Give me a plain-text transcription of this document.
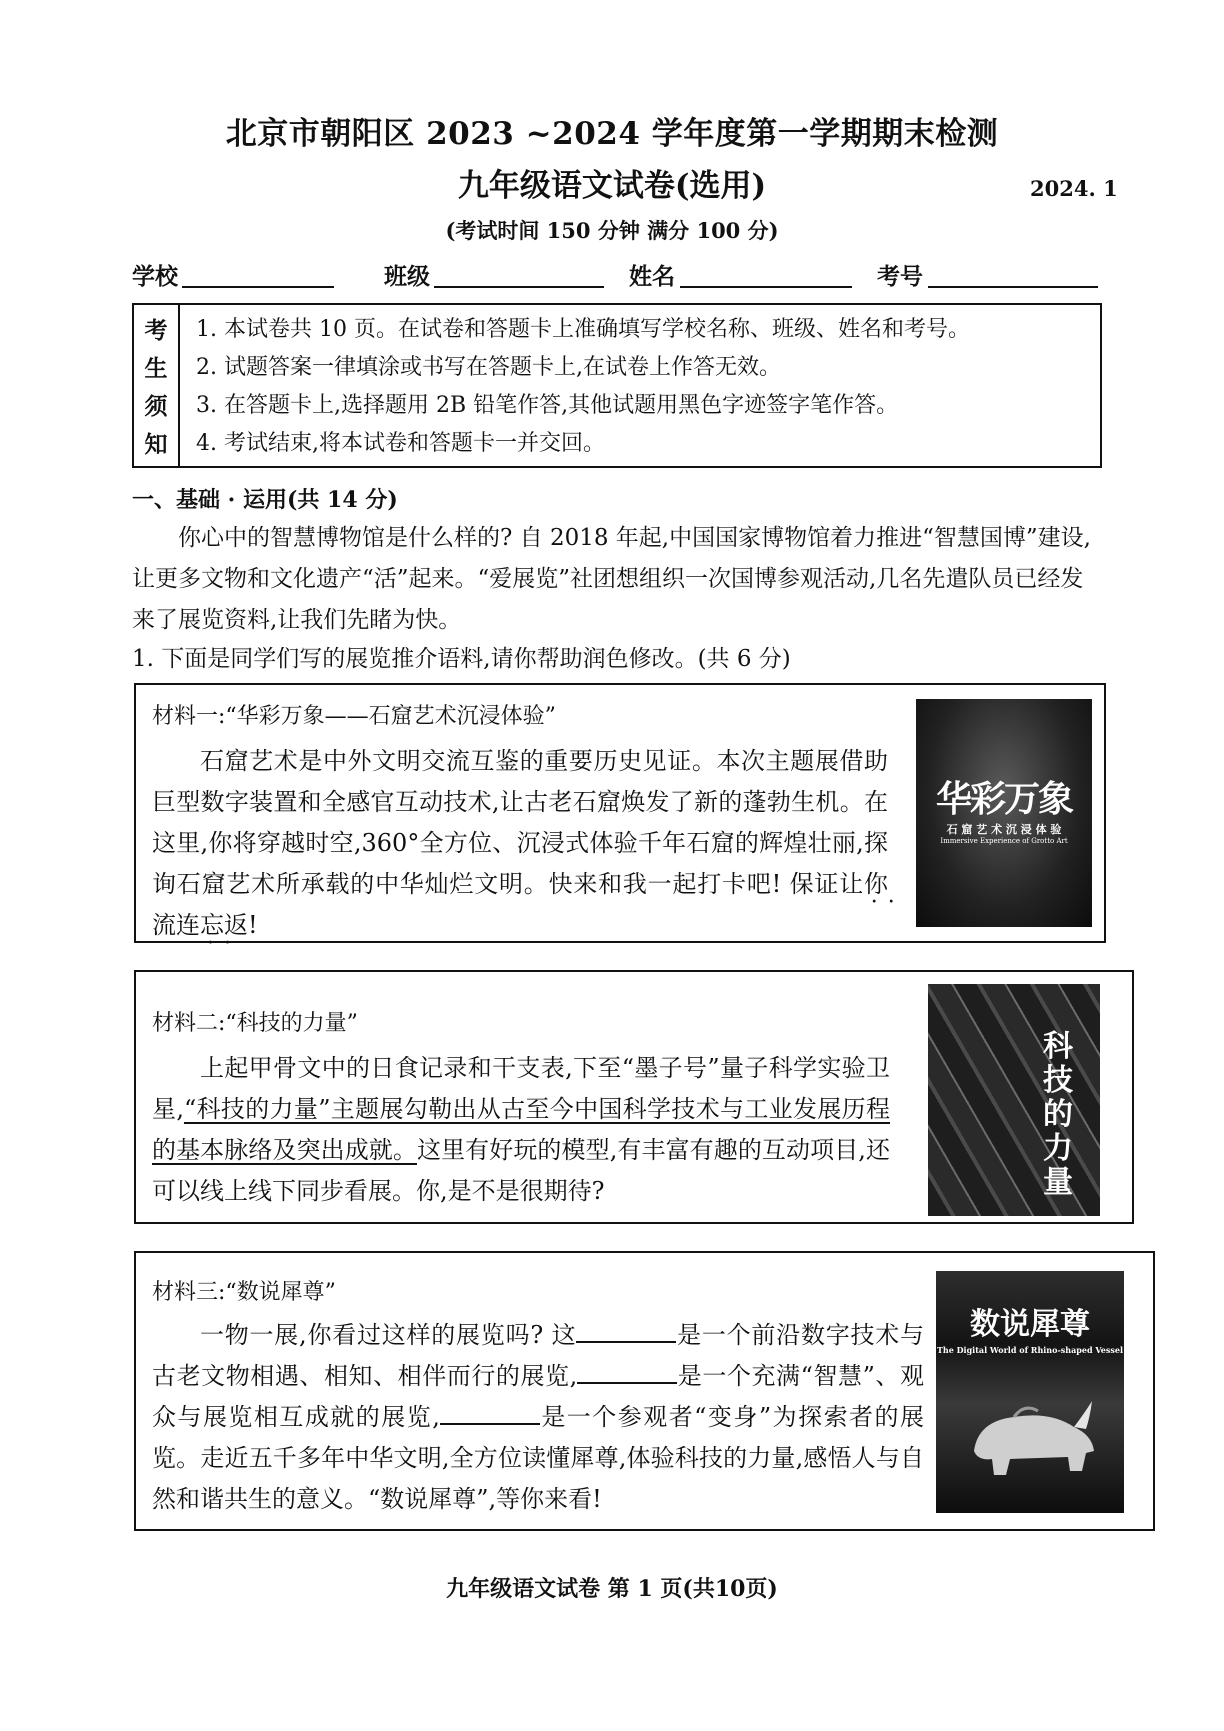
北京市朝阳区 2023 ~2024 学年度第一学期期末检测
九年级语文试卷(选用)	2024. 1
(考试时间 150 分钟 满分 100 分)
学校	班级	姓名	考号
考
生
须
知
1. 本试卷共 10 页。在试卷和答题卡上准确填写学校名称、班级、姓名和考号。
2. 试题答案一律填涂或书写在答题卡上,在试卷上作答无效。
3. 在答题卡上,选择题用 2B 铅笔作答,其他试题用黑色字迹签字笔作答。
4. 考试结束,将本试卷和答题卡一并交回。
一、基础 · 运用(共 14 分)
你心中的智慧博物馆是什么样的? 自 2018 年起,中国国家博物馆着力推进“智慧国博”建设,让更多文物和文化遗产“活”起来。“爱展览”社团想组织一次国博参观活动,几名先遣队员已经发来了展览资料,让我们先睹为快。
1. 下面是同学们写的展览推介语料,请你帮助润色修改。(共 6 分)
材料一:“华彩万象——石窟艺术沉浸体验”
石窟艺术是中外文明交流互鉴的重要历史见证。本次主题展借助巨型数字装置和全感官互动技术,让古老石窟焕发了新的蓬勃生机。在这里,你将穿越时空,360°全方位、沉浸式体验千年石窟的辉煌壮丽,探询 ··石窟艺术所承载的中华灿烂文明。快来和我一起打卡吧! 保证让你流连忘返 ··!
华彩万象
石 窟 艺 术 沉 浸 体 验
Immersive Experience of Grotto Art
材料二:“科技的力量”
上起甲骨文中的日食记录和干支表,下至“墨子号”量子科学实验卫星,“科技的力量”主题展勾勒出从古至今中国科学技术与工业发展历程的基本脉络及突出成就。这里有好玩的模型,有丰富有趣的互动项目,还可以线上线下同步看展。你,是不是很期待?
科技的力量
材料三:“数说犀尊”
一物一展,你看过这样的展览吗? 这	是一个前沿数字技术与古老文物相遇、相知、相伴而行的展览,	是一个充满“智慧”、观众与展览相互成就的展览,	是一个参观者“变身”为探索者的展览。走近五千多年中华文明,全方位读懂犀尊,体验科技的力量,感悟人与自然和谐共生的意义。“数说犀尊”,等你来看!
数说犀尊
The Digital World of Rhino-shaped Vessel
九年级语文试卷 第 1 页(共10页)
